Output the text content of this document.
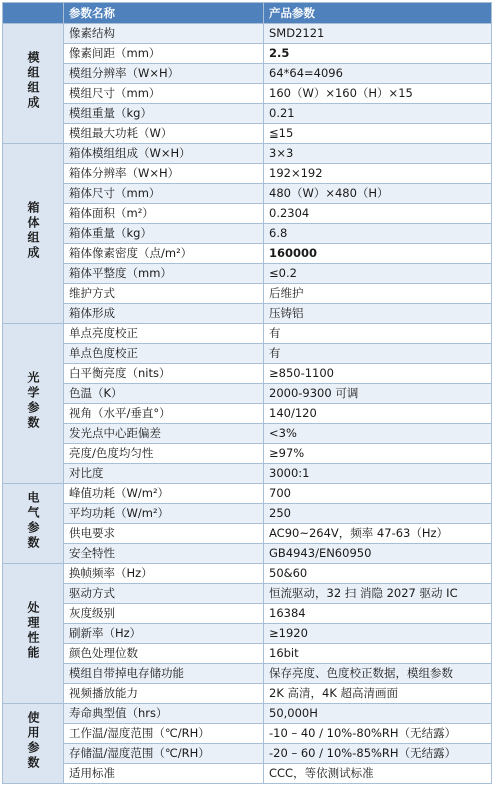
	参数名称	产品参数
模组组成	像素结构	SMD2121
	像素间距（mm）	2.5
	模组分辨率（W×H）	64*64=4096
	模组尺寸（mm）	160（W）×160（H）×15
	模组重量（kg）	0.21
	模组最大功耗（W）	≦15
箱体组成	箱体模组组成（W×H）	3×3
	箱体分辨率（W×H）	192×192
	箱体尺寸（mm）	480（W）×480（H）
	箱体面积（m²）	0.2304
	箱体重量（kg）	6.8
	箱体像素密度（点/m²）	160000
	箱体平整度（mm）	≤0.2
	维护方式	后维护
	箱体形成	压铸铝
光学参数	单点亮度校正	有
	单点色度校正	有
	白平衡亮度（nits）	≥850-1100
	色温（K）	2000-9300 可调
	视角（水平/垂直°）	140/120
	发光点中心距偏差	<3%
	亮度/色度均匀性	≥97%
	对比度	3000:1
电气参数	峰值功耗（W/m²）	700
	平均功耗（W/m²）	250
	供电要求	AC90~264V，频率 47-63（Hz）
	安全特性	GB4943/EN60950
处理性能	换帧频率（Hz）	50&60
	驱动方式	恒流驱动，32 扫 消隐 2027 驱动 IC
	灰度级别	16384
	刷新率（Hz）	≥1920
	颜色处理位数	16bit
	模组自带掉电存储功能	保存亮度、色度校正数据，模组参数
	视频播放能力	2K 高清，4K 超高清画面
使用参数	寿命典型值（hrs）	50,000H
	工作温/湿度范围（℃/RH）	-10 – 40 / 10%-80%RH（无结露）
	存储温/湿度范围（℃/RH）	-20 – 60 / 10%-85%RH（无结露）
	适用标准	CCC，等依测试标准
